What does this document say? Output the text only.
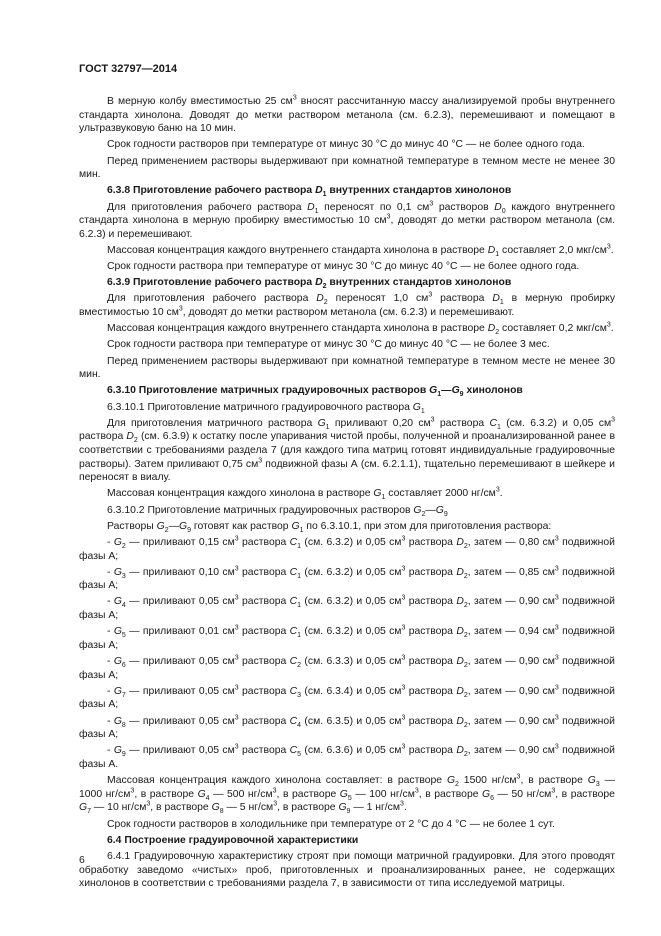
ГОСТ 32797—2014
В мерную колбу вместимостью 25 $см^3$ вносят рассчитанную массу анализируемой пробы внутреннего стандарта хинолона. Доводят до метки раствором метанола (см. 6.2.3), перемешивают и помещают в ультразвуковую баню на 10 мин.
Срок годности растворов при температуре от минус 30 °С до минус 40 °С — не более одного года.
Перед применением растворы выдерживают при комнатной температуре в темном месте не менее 30 мин.
6.3.8 Приготовление рабочего раствора $D_1$ внутренних стандартов хинолонов
Для приготовления рабочего раствора $D_1$ переносят по 0,1 $см^3$ растворов $D_0$ каждого внутреннего стандарта хинолона в мерную пробирку вместимостью 10 $см^3$, доводят до метки раствором метанола (см. 6.2.3) и перемешивают.
Массовая концентрация каждого внутреннего стандарта хинолона в растворе $D_1$ составляет 2,0 мкг/$см^3$.
Срок годности раствора при температуре от минус 30 °С до минус 40 °С — не более одного года.
6.3.9 Приготовление рабочего раствора $D_2$ внутренних стандартов хинолонов
Для приготовления рабочего раствора $D_2$ переносят 1,0 $см^3$ раствора $D_1$ в мерную пробирку вместимостью 10 $см^3$, доводят до метки раствором метанола (см. 6.2.3) и перемешивают.
Массовая концентрация каждого внутреннего стандарта хинолона в растворе $D_2$ составляет 0,2 мкг/$см^3$.
Срок годности раствора при температуре от минус 30 °С до минус 40 °С — не более 3 мес.
Перед применением растворы выдерживают при комнатной температуре в темном месте не менее 30 мин.
6.3.10 Приготовление матричных градуировочных растворов $G_1—G_9$ хинолонов
6.3.10.1 Приготовление матричного градуировочного раствора $G_1$
Для приготовления матричного раствора $G_1$ приливают 0,20 $см^3$ раствора $C_1$ (см. 6.3.2) и 0,05 $см^3$ раствора $D_2$ (см. 6.3.9) к остатку после упаривания чистой пробы, полученной и проанализированной ранее в соответствии с требованиями раздела 7 (для каждого типа матриц готовят индивидуальные градуировочные растворы). Затем приливают 0,75 $см^3$ подвижной фазы А (см. 6.2.1.1), тщательно перемешивают в шейкере и переносят в виалу.
Массовая концентрация каждого хинолона в растворе $G_1$ составляет 2000 $нг/см^3$.
6.3.10.2 Приготовление матричных градуировочных растворов $G_2—G_9$
Растворы $G_2—G_9$ готовят как раствор $G_1$ по 6.3.10.1, при этом для приготовления раствора:
- $G_2$ — приливают 0,15 $см^3$ раствора $C_1$ (см. 6.3.2) и 0,05 $см^3$ раствора $D_2$, затем — 0,80 $см^3$ подвижной фазы А;
- $G_3$ — приливают 0,10 $см^3$ раствора $C_1$ (см. 6.3.2) и 0,05 $см^3$ раствора $D_2$, затем — 0,85 $см^3$ подвижной фазы А;
- $G_4$ — приливают 0,05 $см^3$ раствора $C_1$ (см. 6.3.2) и 0,05 $см^3$ раствора $D_2$, затем — 0,90 $см^3$ подвижной фазы А;
- $G_5$ — приливают 0,01 $см^3$ раствора $C_1$ (см. 6.3.2) и 0,05 $см^3$ раствора $D_2$, затем — 0,94 $см^3$ подвижной фазы А;
- $G_6$ — приливают 0,05 $см^3$ раствора $C_2$ (см. 6.3.3) и 0,05 $см^3$ раствора $D_2$, затем — 0,90 $см^3$ подвижной фазы А;
- $G_7$ — приливают 0,05 $см^3$ раствора $C_3$ (см. 6.3.4) и 0,05 $см^3$ раствора $D_2$, затем — 0,90 $см^3$ подвижной фазы А;
- $G_8$ — приливают 0,05 $см^3$ раствора $C_4$ (см. 6.3.5) и 0,05 $см^3$ раствора $D_2$, затем — 0,90 $см^3$ подвижной фазы А;
- $G_9$ — приливают 0,05 $см^3$ раствора $C_5$ (см. 6.3.6) и 0,05 $см^3$ раствора $D_2$, затем — 0,90 $см^3$ подвижной фазы А.
Массовая концентрация каждого хинолона составляет: в растворе $G_2$ 1500 $нг/см^3$, в растворе $G_3$ — 1000 $нг/см^3$, в растворе $G_4$ — 500 $нг/см^3$, в растворе $G_5$ — 100 $нг/см^3$, в растворе $G_6$ — 50 $нг/см^3$, в растворе $G_7$ — 10 $нг/см^3$, в растворе $G_8$ — 5 $нг/см^3$, в растворе $G_9$ — 1 $нг/см^3$.
Срок годности растворов в холодильнике при температуре от 2 °С до 4 °С — не более 1 сут.
6.4 Построение градуировочной характеристики
6.4.1 Градуировочную характеристику строят при помощи матричной градуировки. Для этого проводят обработку заведомо «чистых» проб, приготовленных и проанализированных ранее, не содержащих хинолонов в соответствии с требованиями раздела 7, в зависимости от типа исследуемой матрицы.
6
